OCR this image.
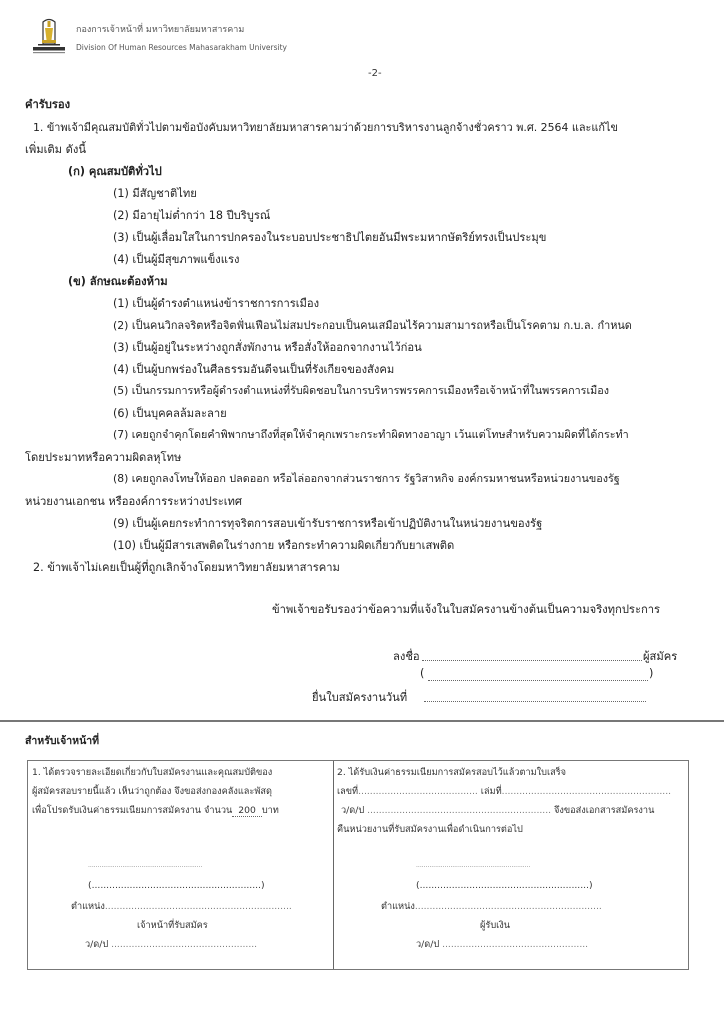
กองการเจ้าหน้าที่ มหาวิทยาลัยมหาสารคาม
Division Of Human Resources Mahasarakham University
-2-
คำรับรอง
1. ข้าพเจ้ามีคุณสมบัติทั่วไปตามข้อบังคับมหาวิทยาลัยมหาสารคามว่าด้วยการบริหารงานลูกจ้างชั่วคราว พ.ศ. 2564 และแก้ไข
เพิ่มเติม ดังนี้
(ก) คุณสมบัติทั่วไป
(1) มีสัญชาติไทย
(2) มีอายุไม่ต่ำกว่า 18 ปีบริบูรณ์
(3) เป็นผู้เลื่อมใสในการปกครองในระบอบประชาธิปไตยอันมีพระมหากษัตริย์ทรงเป็นประมุข
(4) เป็นผู้มีสุขภาพแข็งแรง
(ข) ลักษณะต้องห้าม
(1) เป็นผู้ดำรงตำแหน่งข้าราชการการเมือง
(2) เป็นคนวิกลจริตหรือจิตฟั่นเฟือนไม่สมประกอบเป็นคนเสมือนไร้ความสามารถหรือเป็นโรคตาม ก.บ.ล. กำหนด
(3) เป็นผู้อยู่ในระหว่างถูกสั่งพักงาน หรือสั่งให้ออกจากงานไว้ก่อน
(4) เป็นผู้บกพร่องในศีลธรรมอันดีจนเป็นที่รังเกียจของสังคม
(5) เป็นกรรมการหรือผู้ดำรงตำแหน่งที่รับผิดชอบในการบริหารพรรคการเมืองหรือเจ้าหน้าที่ในพรรคการเมือง
(6) เป็นบุคคลล้มละลาย
(7) เคยถูกจำคุกโดยคำพิพากษาถึงที่สุดให้จำคุกเพราะกระทำผิดทางอาญา เว้นแต่โทษสำหรับความผิดที่ได้กระทำ
โดยประมาทหรือความผิดลหุโทษ
(8) เคยถูกลงโทษให้ออก ปลดออก หรือไล่ออกจากส่วนราชการ รัฐวิสาหกิจ องค์กรมหาชนหรือหน่วยงานของรัฐ
หน่วยงานเอกชน หรือองค์การระหว่างประเทศ
(9) เป็นผู้เคยกระทำการทุจริตการสอบเข้ารับราชการหรือเข้าปฏิบัติงานในหน่วยงานของรัฐ
(10) เป็นผู้มีสารเสพติดในร่างกาย หรือกระทำความผิดเกี่ยวกับยาเสพติด
2. ข้าพเจ้าไม่เคยเป็นผู้ที่ถูกเลิกจ้างโดยมหาวิทยาลัยมหาสารคาม
ข้าพเจ้าขอรับรองว่าข้อความที่แจ้งในใบสมัครงานข้างต้นเป็นความจริงทุกประการ
ลงชื่อ	ผู้สมัคร
(	)
ยื่นใบสมัครงานวันที่
สำหรับเจ้าหน้าที่
1. ได้ตรวจรายละเอียดเกี่ยวกับใบสมัครงานและคุณสมบัติของ
ผู้สมัครสอบรายนี้แล้ว เห็นว่าถูกต้อง จึงขอส่งกองคลังและพัสดุ
เพื่อโปรดรับเงินค่าธรรมเนียมการสมัครงาน จำนวน 200 บาท
............................................................
(..........................................................)
ตำแหน่ง................................................................
เจ้าหน้าที่รับสมัคร
ว/ด/ป ..................................................
2. ได้รับเงินค่าธรรมเนียมการสมัครสอบไว้แล้วตามใบเสร็จ
เลขที่......................................... เล่มที่..........................................................
ว/ด/ป ............................................................... จึงขอส่งเอกสารสมัครงาน
คืนหน่วยงานที่รับสมัครงานเพื่อดำเนินการต่อไป
............................................................
(..........................................................)
ตำแหน่ง................................................................
ผู้รับเงิน
ว/ด/ป ..................................................
